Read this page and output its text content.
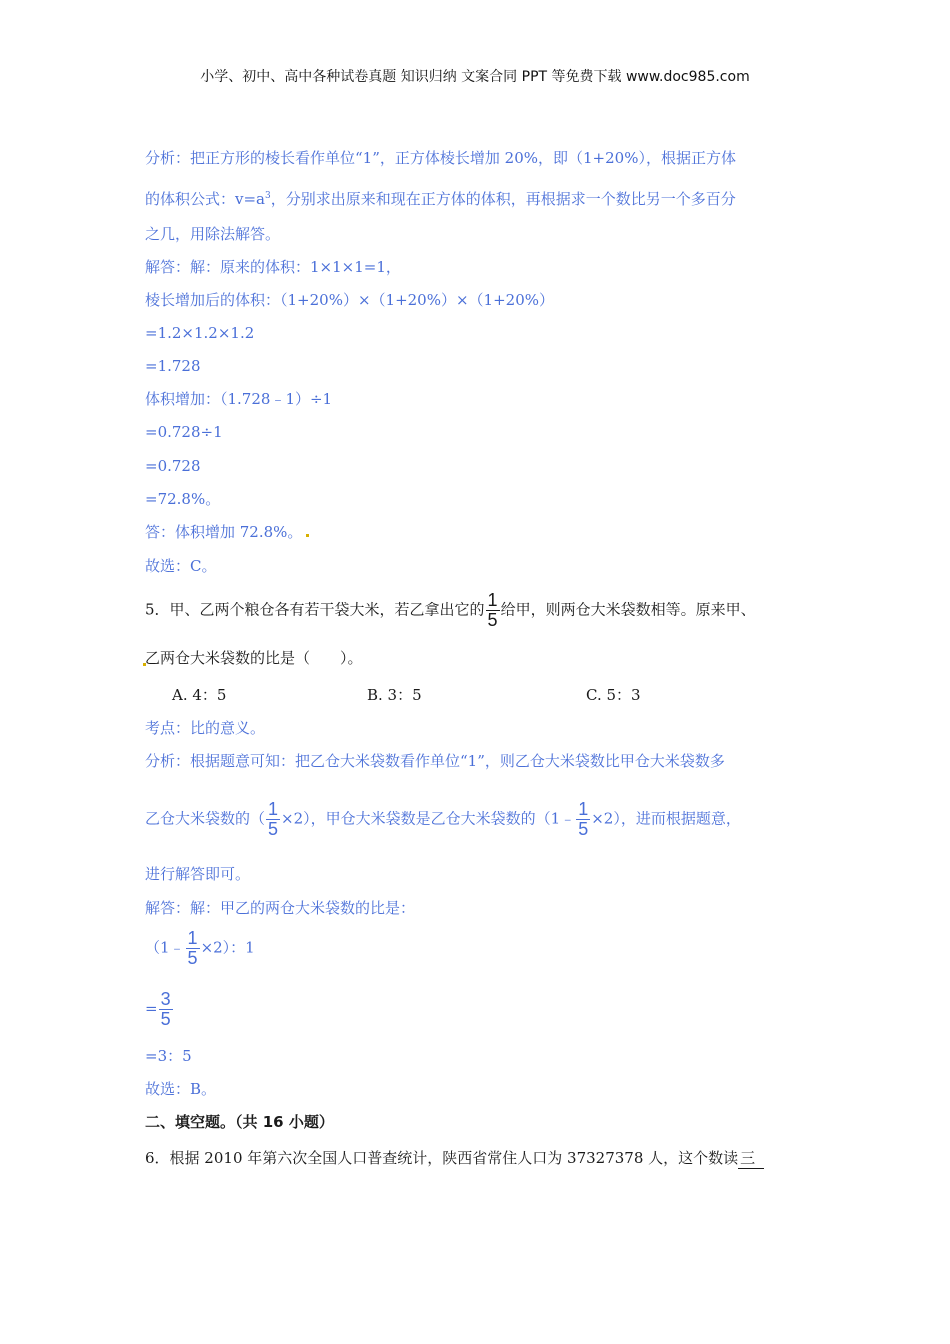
小学、初中、高中各种试卷真题 知识归纳 文案合同 PPT 等免费下载 www.doc985.com
分析：把正方形的棱长看作单位“1”，正方体棱长增加 20%，即（1+20%），根据正方体
的体积公式：$v=a^3$，分别求出原来和现在正方体的体积，再根据求一个数比另一个多百分
之几，用除法解答。
解答：解：原来的体积：1×1×1=1，
棱长增加后的体积：（1+20%）×（1+20%）×（1+20%）
=1.2×1.2×1.2
=1.728
体积增加：（1.728﹣1）÷1
=0.728÷1
=0.728
=72.8%。
答：体积增加 72.8%。
故选：C。
5．甲、乙两个粮仓各有若干袋大米，若乙拿出它的 $\frac{1}{5}$ 给甲，则两仓大米袋数相等。原来甲、
乙两仓大米袋数的比是（　　）。
A. 4：5	B. 3：5	C. 5：3
考点：比的意义。
分析：根据题意可知：把乙仓大米袋数看作单位“1”，则乙仓大米袋数比甲仓大米袋数多
乙仓大米袋数的（ $\frac{1}{5} \times 2$），甲仓大米袋数是乙仓大米袋数的（1﹣ $\frac{1}{5} \times 2$），进而根据题意，
进行解答即可。
解答：解：甲乙的两仓大米袋数的比是：
（1﹣ $\frac{1}{5} \times 2$）：1
= $\frac{3}{5}$
=3：5
故选：B。
二、填空题。（共 16 小题）
6．根据 2010 年第六次全国人口普查统计，陕西省常住人口为 37327378 人，这个数读 三
